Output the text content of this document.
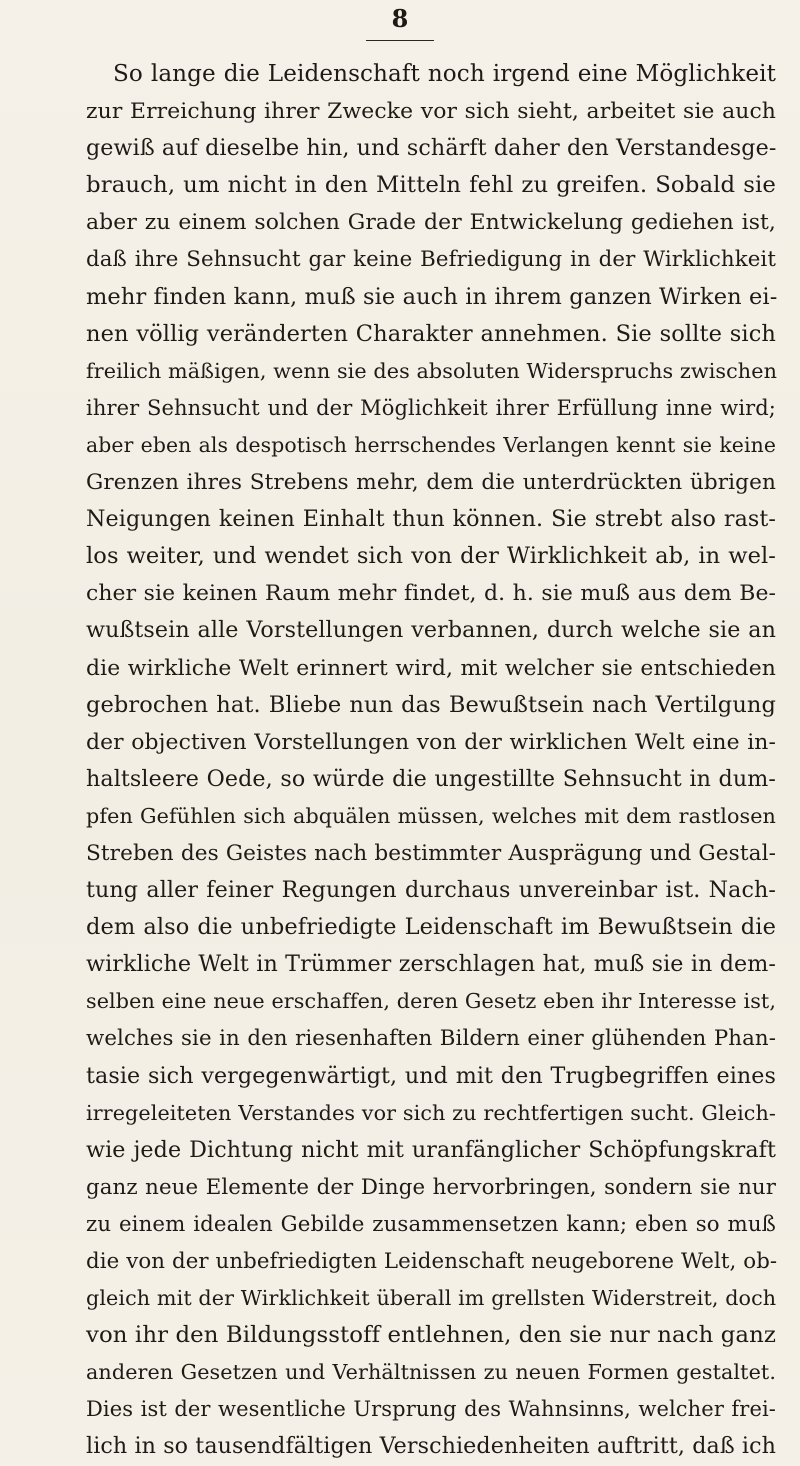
8
So lange die Leidenschaft noch irgend eine Möglichkeit
zur Erreichung ihrer Zwecke vor sich sieht, arbeitet sie auch
gewiß auf dieselbe hin, und schärft daher den Verstandesge-
brauch, um nicht in den Mitteln fehl zu greifen. Sobald sie
aber zu einem solchen Grade der Entwickelung gediehen ist,
daß ihre Sehnsucht gar keine Befriedigung in der Wirklichkeit
mehr finden kann, muß sie auch in ihrem ganzen Wirken ei-
nen völlig veränderten Charakter annehmen. Sie sollte sich
freilich mäßigen, wenn sie des absoluten Widerspruchs zwischen
ihrer Sehnsucht und der Möglichkeit ihrer Erfüllung inne wird;
aber eben als despotisch herrschendes Verlangen kennt sie keine
Grenzen ihres Strebens mehr, dem die unterdrückten übrigen
Neigungen keinen Einhalt thun können. Sie strebt also rast-
los weiter, und wendet sich von der Wirklichkeit ab, in wel-
cher sie keinen Raum mehr findet, d. h. sie muß aus dem Be-
wußtsein alle Vorstellungen verbannen, durch welche sie an
die wirkliche Welt erinnert wird, mit welcher sie entschieden
gebrochen hat. Bliebe nun das Bewußtsein nach Vertilgung
der objectiven Vorstellungen von der wirklichen Welt eine in-
haltsleere Oede, so würde die ungestillte Sehnsucht in dum-
pfen Gefühlen sich abquälen müssen, welches mit dem rastlosen
Streben des Geistes nach bestimmter Ausprägung und Gestal-
tung aller feiner Regungen durchaus unvereinbar ist. Nach-
dem also die unbefriedigte Leidenschaft im Bewußtsein die
wirkliche Welt in Trümmer zerschlagen hat, muß sie in dem-
selben eine neue erschaffen, deren Gesetz eben ihr Interesse ist,
welches sie in den riesenhaften Bildern einer glühenden Phan-
tasie sich vergegenwärtigt, und mit den Trugbegriffen eines
irregeleiteten Verstandes vor sich zu rechtfertigen sucht. Gleich-
wie jede Dichtung nicht mit uranfänglicher Schöpfungskraft
ganz neue Elemente der Dinge hervorbringen, sondern sie nur
zu einem idealen Gebilde zusammensetzen kann; eben so muß
die von der unbefriedigten Leidenschaft neugeborene Welt, ob-
gleich mit der Wirklichkeit überall im grellsten Widerstreit, doch
von ihr den Bildungsstoff entlehnen, den sie nur nach ganz
anderen Gesetzen und Verhältnissen zu neuen Formen gestaltet.
Dies ist der wesentliche Ursprung des Wahnsinns, welcher frei-
lich in so tausendfältigen Verschiedenheiten auftritt, daß ich
